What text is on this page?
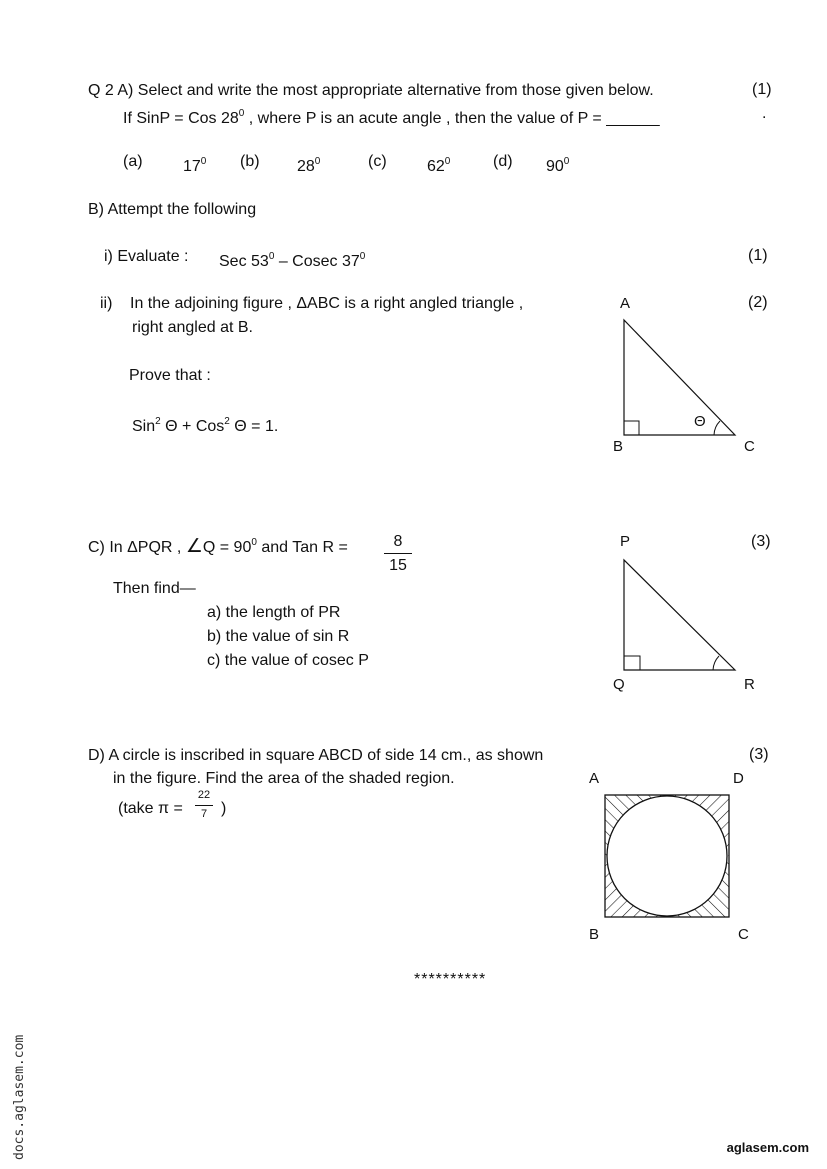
Q 2 A) Select and write the most appropriate alternative from those given below.	(1)
If SinP = Cos $28^0$ , where P is an acute angle , then the value of P = ______	.
(a)	$17^0$ (b) $28^0$	(c)	$62^0$	(d) $90^0$
B) Attempt the following
i) Evaluate : Sec $53^0$ – Cosec $37^0$	(1)
ii) In the adjoining figure , ΔABC is a right angled triangle ,
right angled at B.
Prove that :
Sin$^2$ Θ + Cos$^2$ Θ = 1.
(2)
A
B	C
Θ
C) In ΔPQR , ∠Q = $90^0$ and Tan R =	8
15
(3)
Then find—
a) the length of PR
b) the value of sin R
c) the value of cosec P
P
Q	R
D) A circle is inscribed in square ABCD of side 14 cm., as shown
in the figure. Find the area of the shaded region.
(take π =
22
7 )
(3)
A	D
B	C
**********
docs.aglasem.com	aglasem.com
